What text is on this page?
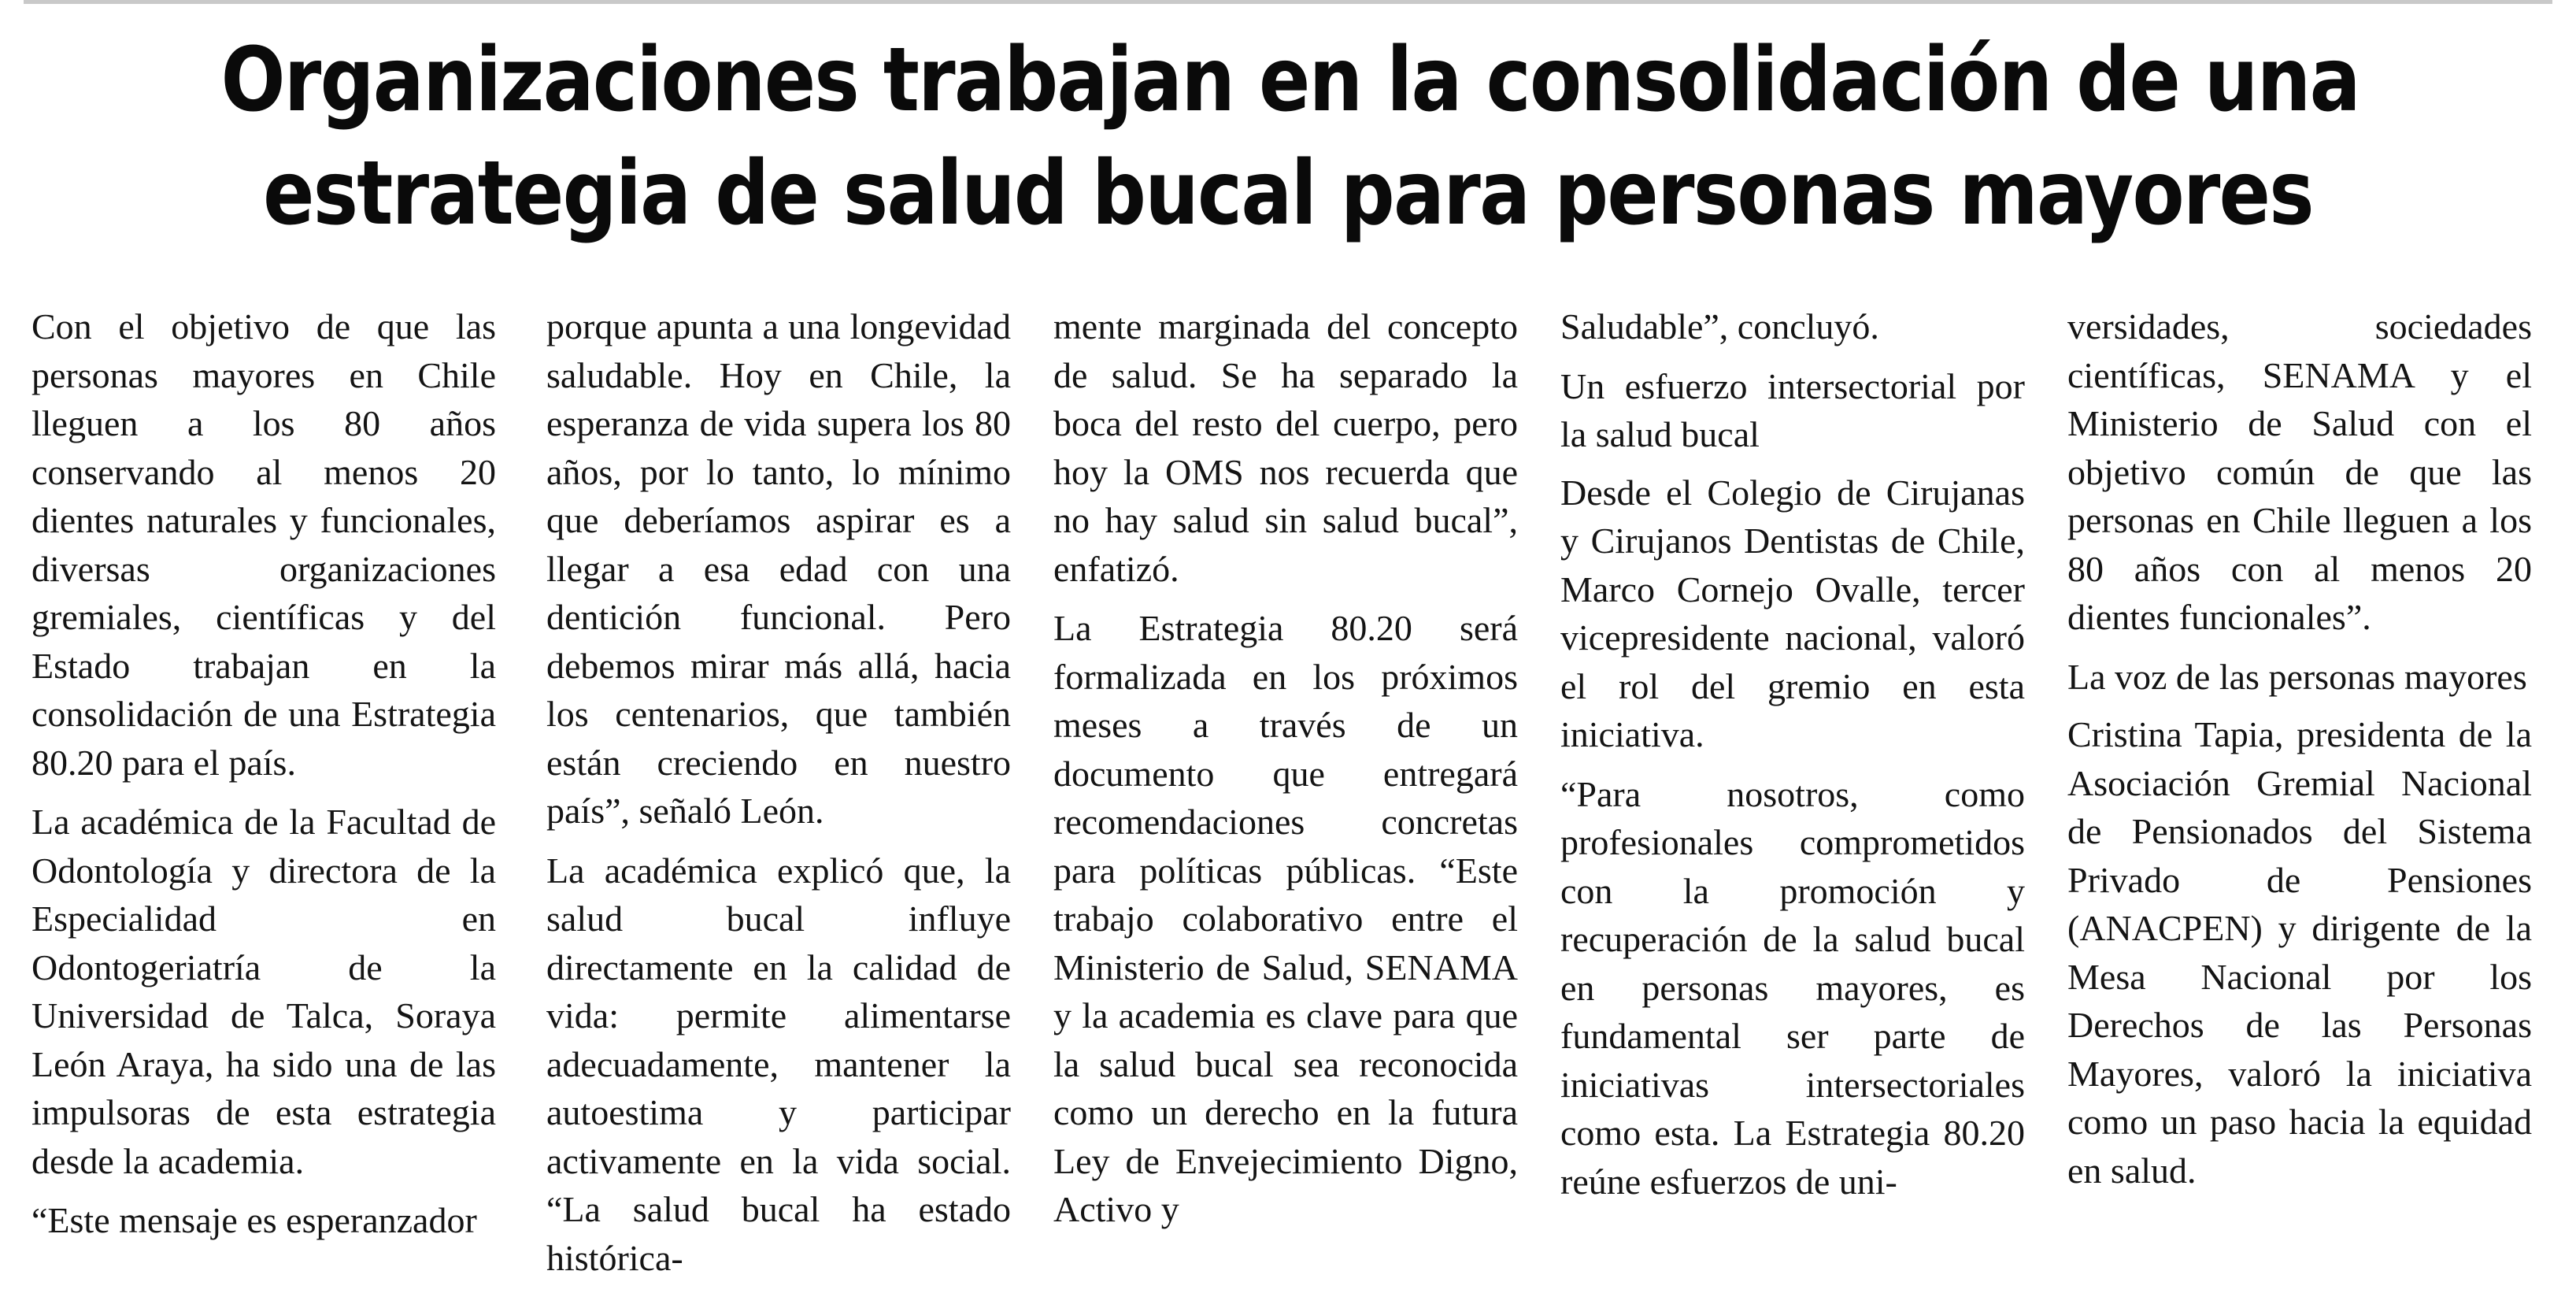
Organizaciones trabajan en la consolidación de una
estrategia de salud bucal para personas mayores

Con el objetivo de que las personas mayores en Chile lleguen a los 80 años conservando al menos 20 dientes naturales y funcionales, diversas organizaciones gremiales, científicas y del Estado trabajan en la consolidación de una Estrategia 80.20 para el país.

La académica de la Facultad de Odontología y directora de la Especialidad en Odontogeriatría de la Universidad de Talca, Soraya León Araya, ha sido una de las impulsoras de esta estrategia desde la academia.

“Este mensaje es esperanzador

porque apunta a una longevidad saludable. Hoy en Chile, la esperanza de vida supera los 80 años, por lo tanto, lo mínimo que deberíamos aspirar es a llegar a esa edad con una dentición funcional. Pero debemos mirar más allá, hacia los centenarios, que también están creciendo en nuestro país”, señaló León.

La académica explicó que, la salud bucal influye directamente en la calidad de vida: permite alimentarse adecuadamente, mantener la autoestima y participar activamente en la vida social. “La salud bucal ha estado histórica-

mente marginada del concepto de salud. Se ha separado la boca del resto del cuerpo, pero hoy la OMS nos recuerda que no hay salud sin salud bucal”, enfatizó.

La Estrategia 80.20 será formalizada en los próximos meses a través de un documento que entregará recomendaciones concretas para políticas públicas. “Este trabajo colaborativo entre el Ministerio de Salud, SENAMA y la academia es clave para que la salud bucal sea reconocida como un derecho en la futura Ley de Envejecimiento Digno, Activo y

Saludable”, concluyó.

Un esfuerzo intersectorial por la salud bucal

Desde el Colegio de Cirujanas y Cirujanos Dentistas de Chile, Marco Cornejo Ovalle, tercer vicepresidente nacional, valoró el rol del gremio en esta iniciativa.

“Para nosotros, como profesionales comprometidos con la promoción y recuperación de la salud bucal en personas mayores, es fundamental ser parte de iniciativas intersectoriales como esta. La Estrategia 80.20 reúne esfuerzos de uni-

versidades, sociedades científicas, SENAMA y el Ministerio de Salud con el objetivo común de que las personas en Chile lleguen a los 80 años con al menos 20 dientes funcionales”.

La voz de las personas mayores

Cristina Tapia, presidenta de la Asociación Gremial Nacional de Pensionados del Sistema Privado de Pensiones (ANACPEN) y dirigente de la Mesa Nacional por los Derechos de las Personas Mayores, valoró la iniciativa como un paso hacia la equidad en salud.
